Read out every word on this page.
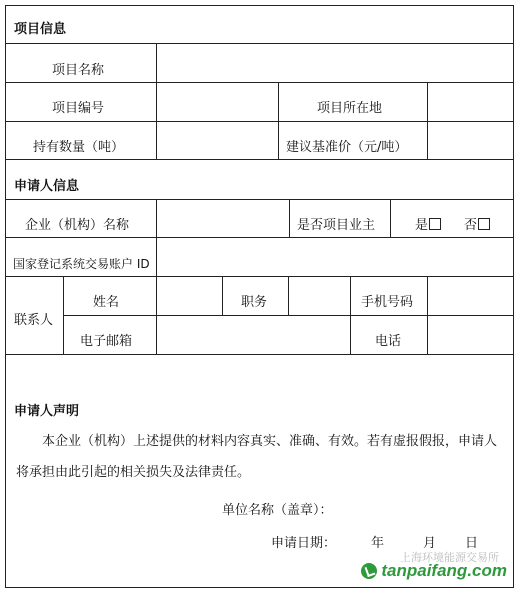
项目信息
项目名称
项目编号	项目所在地
持有数量（吨）	建议基准价（元/吨）
申请人信息
企业（机构）名称	是否项目业主	是	否
国家登记系统交易账户 ID
联系人
姓名	职务	手机号码
电子邮箱	电话
申请人声明
本企业（机构）上述提供的材料内容真实、准确、有效。若有虚报假报，申请人将承担由此引起的相关损失及法律责任。
单位名称（盖章）：
申请日期：	年	月 日
上海环境能源交易所
tanpaifang.com
